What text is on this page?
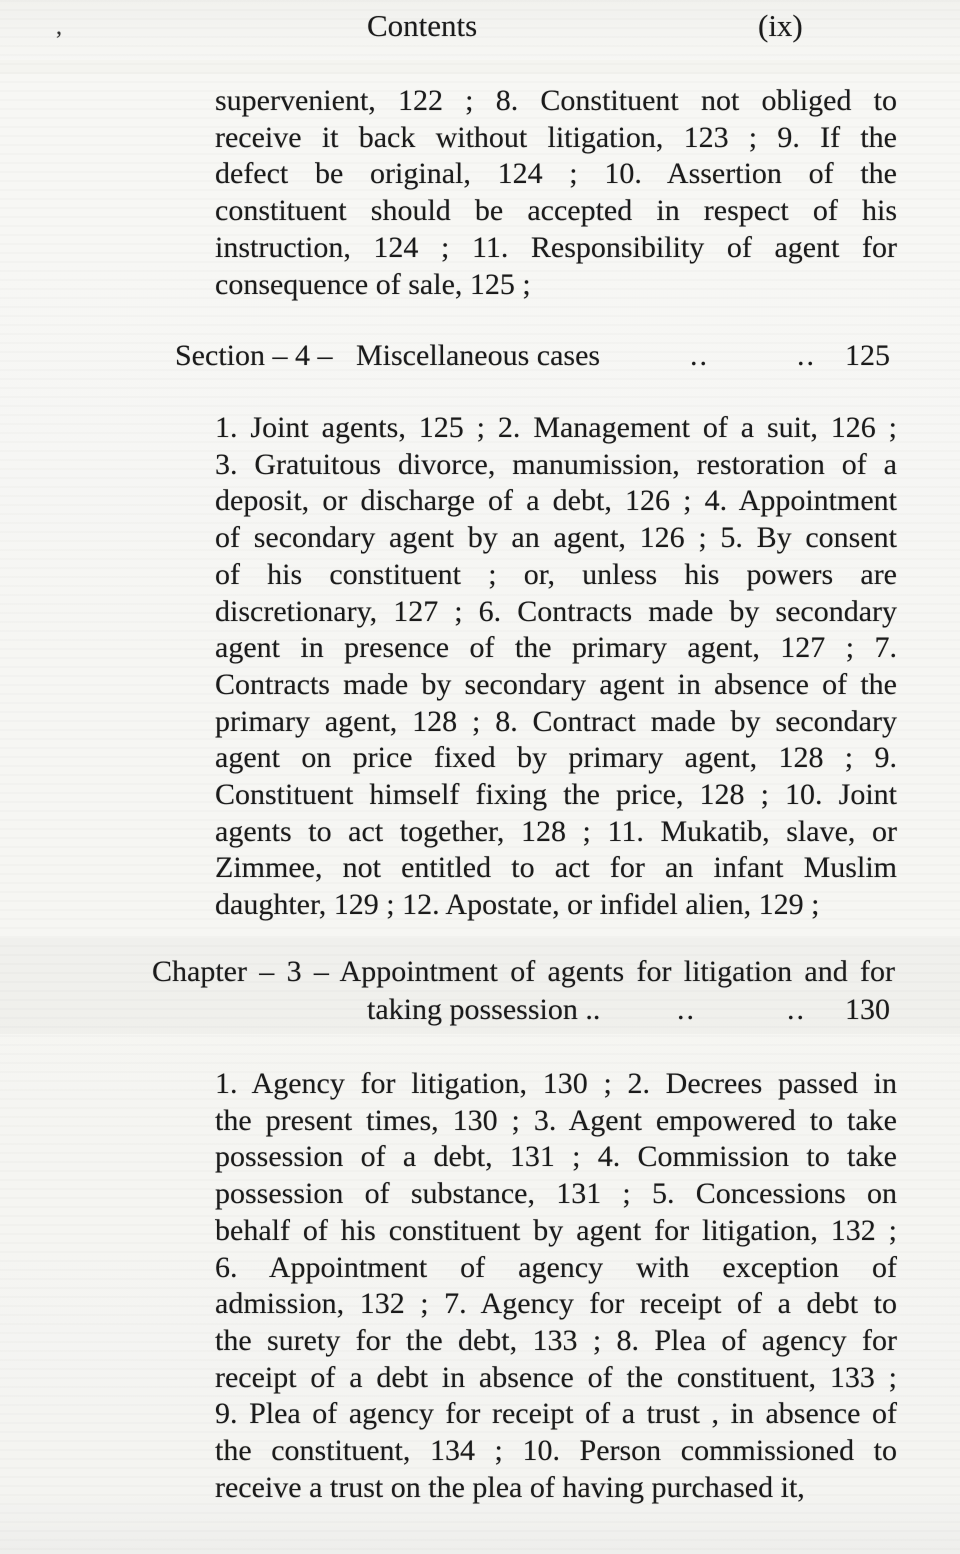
,	Contents	(ix)
supervenient, 122 ; 8. Constituent not obliged to
receive it back without litigation, 123 ; 9. If the
defect be original, 124 ; 10. Assertion of the
constituent should be accepted in respect of his
instruction, 124 ; 11. Responsibility of agent for
consequence of sale, 125 ;
Section – 4 – Miscellaneous cases	..	.. 125
1. Joint agents, 125 ; 2. Management of a suit, 126 ;
3. Gratuitous divorce, manumission, restoration of a
deposit, or discharge of a debt, 126 ; 4. Appointment
of secondary agent by an agent, 126 ; 5. By consent
of his constituent ; or, unless his powers are
discretionary, 127 ; 6. Contracts made by secondary
agent in presence of the primary agent, 127 ; 7.
Contracts made by secondary agent in absence of the
primary agent, 128 ; 8. Contract made by secondary
agent on price fixed by primary agent, 128 ; 9.
Constituent himself fixing the price, 128 ; 10. Joint
agents to act together, 128 ; 11. Mukatib, slave, or
Zimmee, not entitled to act for an infant Muslim
daughter, 129 ; 12. Apostate, or infidel alien, 129 ;
Chapter – 3 – Appointment of agents for litigation and for
taking possession ..	..	.. 130
1. Agency for litigation, 130 ; 2. Decrees passed in
the present times, 130 ; 3. Agent empowered to take
possession of a debt, 131 ; 4. Commission to take
possession of substance, 131 ; 5. Concessions on
behalf of his constituent by agent for litigation, 132 ;
6. Appointment of agency with exception of
admission, 132 ; 7. Agency for receipt of a debt to
the surety for the debt, 133 ; 8. Plea of agency for
receipt of a debt in absence of the constituent, 133 ;
9. Plea of agency for receipt of a trust , in absence of
the constituent, 134 ; 10. Person commissioned to
receive a trust on the plea of having purchased it,
